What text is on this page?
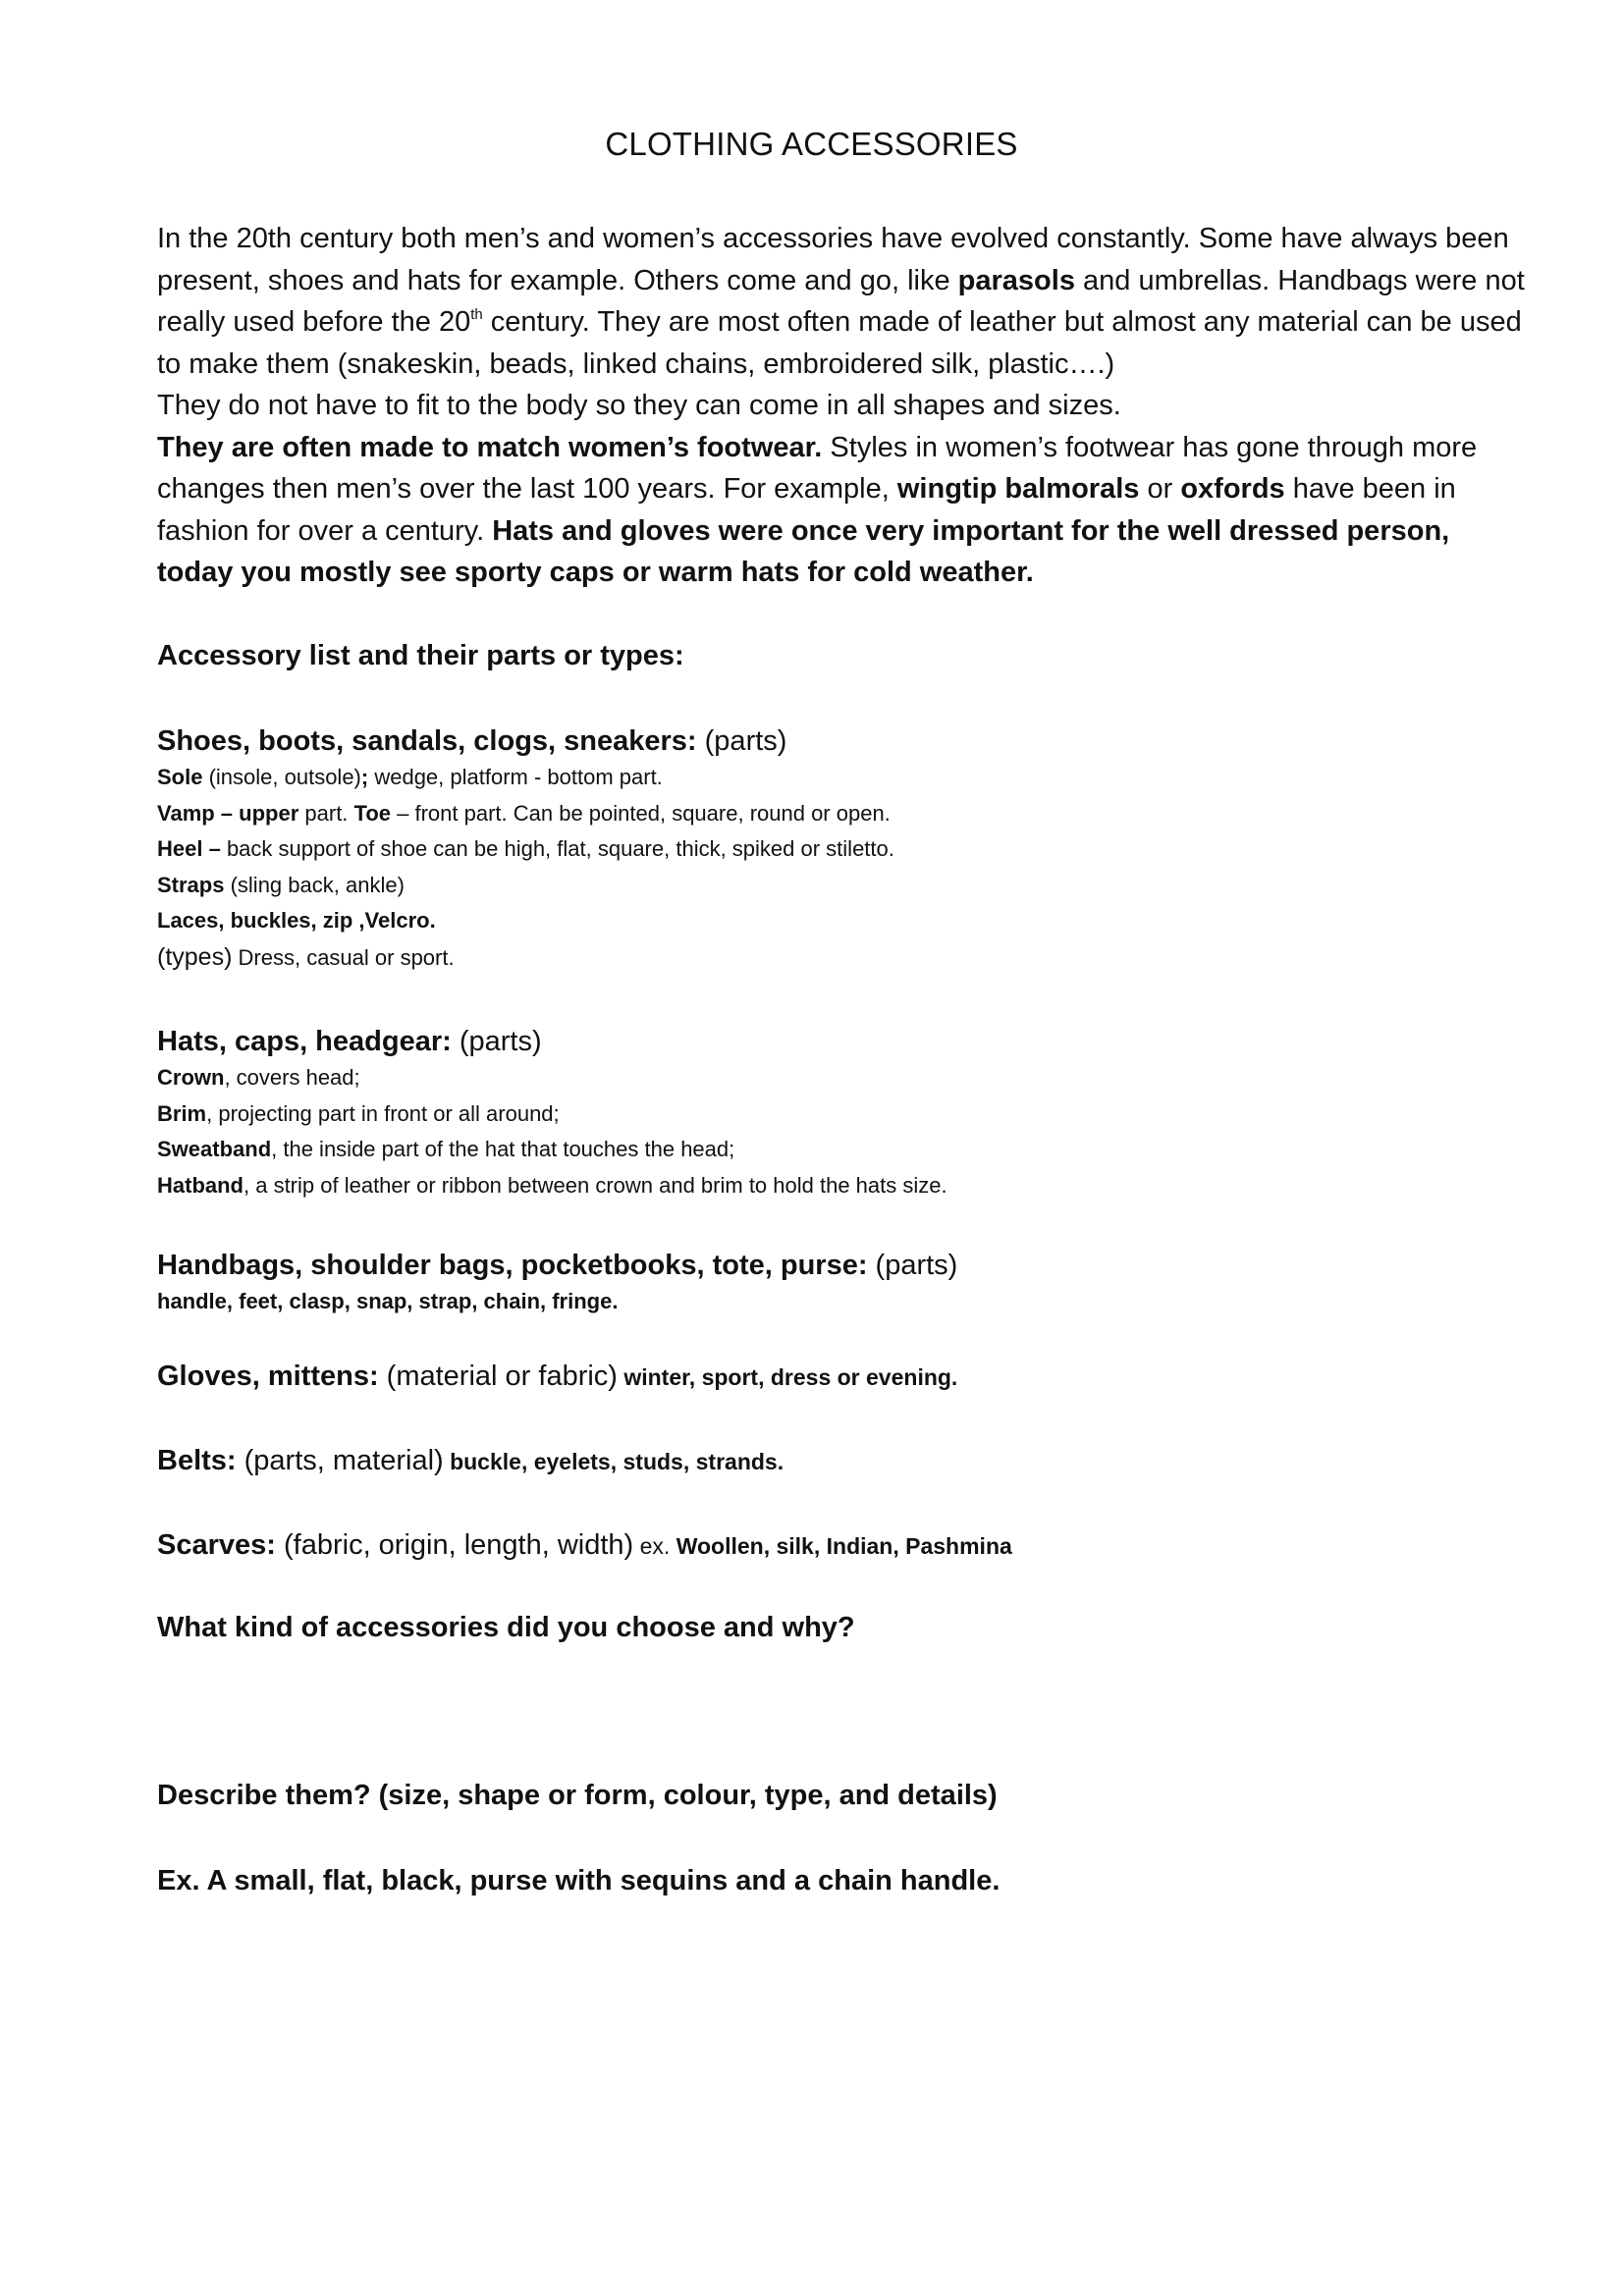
CLOTHING ACCESSORIES

In the 20th century both men’s and women’s accessories have evolved constantly. Some have always been present, shoes and hats for example. Others come and go, like parasols and umbrellas. Handbags were not really used before the 20th century. They are most often made of leather but almost any material can be used to make them (snakeskin, beads, linked chains, embroidered silk, plastic….)
They do not have to fit to the body so they can come in all shapes and sizes.
They are often made to match women’s footwear. Styles in women’s footwear has gone through more changes then men’s over the last 100 years. For example, wingtip balmorals or oxfords have been in fashion for over a century. Hats and gloves were once very important for the well dressed person, today you mostly see sporty caps or warm hats for cold weather.

Accessory list and their parts or types:
Shoes, boots, sandals, clogs, sneakers: (parts)
Sole (insole, outsole); wedge, platform - bottom part.
Vamp – upper part. Toe – front part. Can be pointed, square, round or open.
Heel – back support of shoe can be high, flat, square, thick, spiked or stiletto.
Straps (sling back, ankle)
Laces, buckles, zip ,Velcro.
(types) Dress, casual or sport.
Hats, caps, headgear: (parts)
Crown, covers head;
Brim, projecting part in front or all around;
Sweatband, the inside part of the hat that touches the head;
Hatband, a strip of leather or ribbon between crown and brim to hold the hats size.
Handbags, shoulder bags, pocketbooks, tote, purse: (parts)
handle, feet, clasp, snap, strap, chain, fringe.
Gloves, mittens: (material or fabric) winter, sport, dress or evening.
Belts: (parts, material) buckle, eyelets, studs, strands.
Scarves: (fabric, origin, length, width) ex. Woollen, silk, Indian, Pashmina
What kind of accessories did you choose and why?
Describe them? (size, shape or form, colour, type, and details)
Ex. A small, flat, black, purse with sequins and a chain handle.
